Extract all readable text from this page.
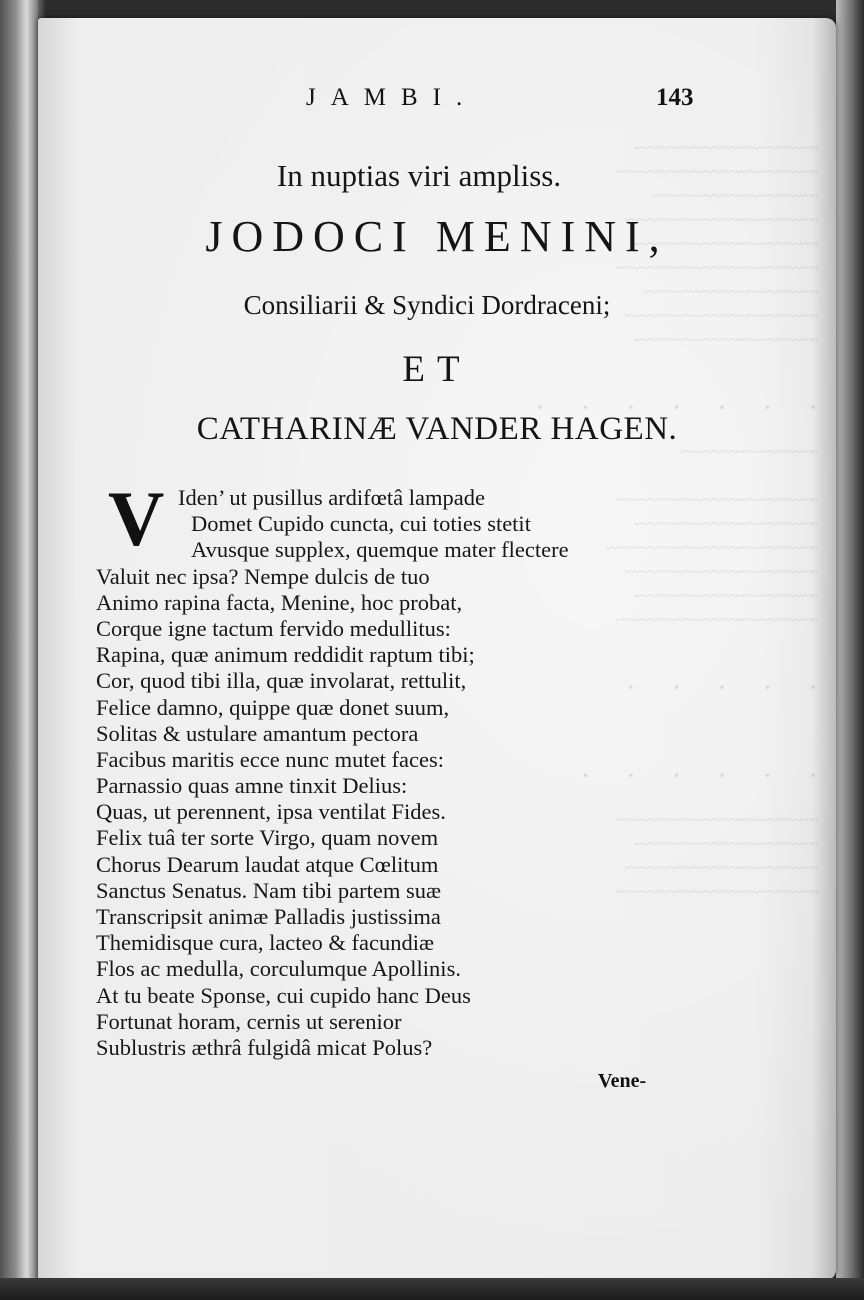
~~~~~~~~~~~~~~~~~~~~
~~~~~~~~~~~~~~~~~~~~~~
~~~~~~~~~~~~~~~~~~
~~~~~~~~~~~~~~~~~~~~~
~~~~~~~~~~~~~~~~~~~~
~~~~~~~~~~~~~~~~~~~~~~
~~~~~~~~~~~~~~~~~~~
~~~~~~~~~~~~~~~~~~~~~
~~~~~~~~~~~~~~~~~~~~

· · · · · · ·
~~~~~~~~~~~~~~~

~~~~~~~~~~~~~~~~~~~~~~
~~~~~~~~~~~~~~~~~~~~
~~~~~~~~~~~~~~~~~~~~~~~
~~~~~~~~~~~~~~~~~~~~~
~~~~~~~~~~~~~~~~~~~~
~~~~~~~~~~~~~~~~~~~~~~

· · · · ·

· · · · · ·
~~~~~~~~~~~~~~~~~~~~~~
~~~~~~~~~~~~~~~~~~~~
~~~~~~~~~~~~~~~~~~~~~
~~~~~~~~~~~~~~~~~~~~~~
JAMBI.	143
In nuptias viri ampliss.
JODOCI MENINI,
Consiliarii & Syndici Dordraceni;
ET
CATHARINÆ VANDER HAGEN.
V Iden’ ut pusillus ardifœtâ lampade
Domet Cupido cuncta, cui toties stetit
Avusque supplex, quemque mater flectere
Valuit nec ipsa? Nempe dulcis de tuo
Animo rapina facta, Menine, hoc probat,
Corque igne tactum fervido medullitus:
Rapina, quæ animum reddidit raptum tibi;
Cor, quod tibi illa, quæ involarat, rettulit,
Felice damno, quippe quæ donet suum,
Solitas & ustulare amantum pectora
Facibus maritis ecce nunc mutet faces:
Parnassio quas amne tinxit Delius:
Quas, ut perennent, ipsa ventilat Fides.
Felix tuâ ter sorte Virgo, quam novem
Chorus Dearum laudat atque Cœlitum
Sanctus Senatus. Nam tibi partem suæ
Transcripsit animæ Palladis justissima
Themidisque cura, lacteo & facundiæ
Flos ac medulla, corculumque Apollinis.
At tu beate Sponse, cui cupido hanc Deus
Fortunat horam, cernis ut serenior
Sublustris æthrâ fulgidâ micat Polus?
Vene-
